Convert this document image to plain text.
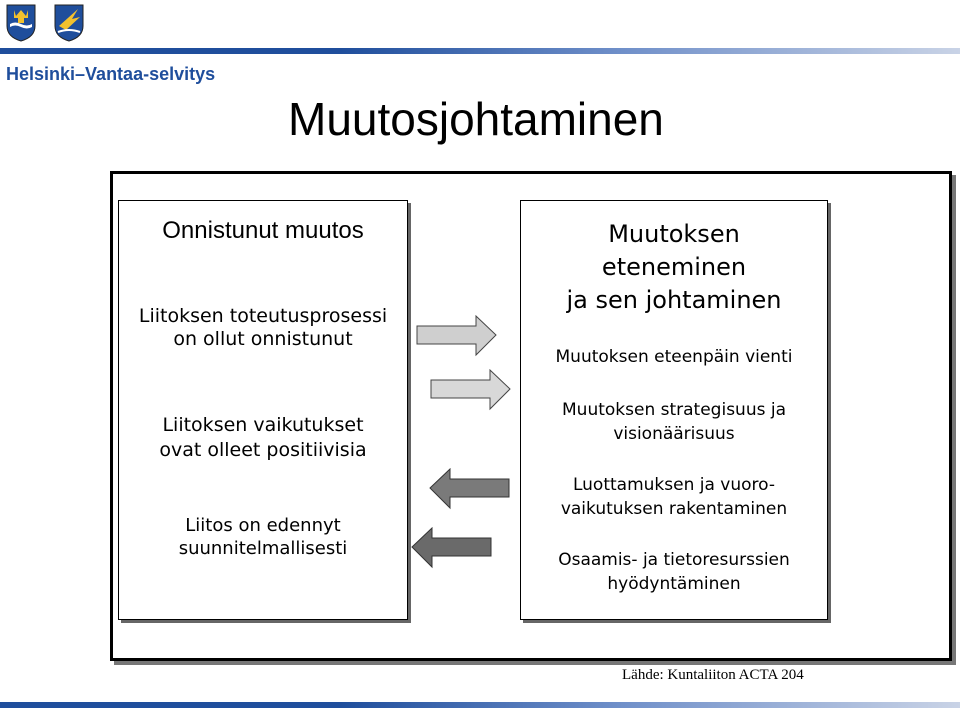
Helsinki–Vantaa-selvitys
Muutosjohtaminen
Onnistunut muutos
Liitoksen toteutusprosessi
on ollut onnistunut
Liitoksen vaikutukset
ovat olleet positiivisia
Liitos on edennyt
suunnitelmallisesti
Muutoksen
eteneminen
ja sen johtaminen
Muutoksen eteenpäin vienti
Muutoksen strategisuus ja
visionäärisuus
Luottamuksen ja vuoro-
vaikutuksen rakentaminen
Osaamis- ja tietoresurssien
hyödyntäminen
Lähde: Kuntaliiton ACTA 204
